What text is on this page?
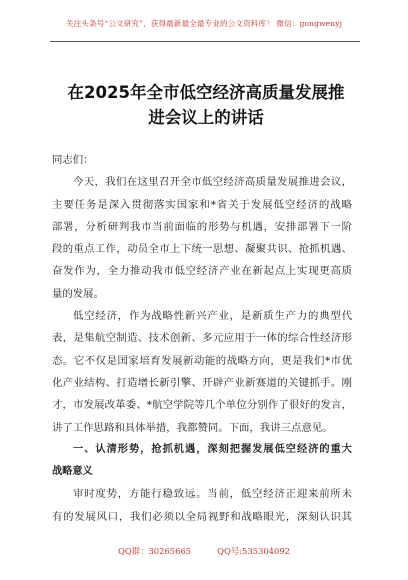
关注头条号“公文研究”，获得最新最全最专业的公文资料库！ 微信：gongwenyj
在2025年全市低空经济高质量发展推
进会议上的讲话
同志们：
今天，我们在这里召开全市低空经济高质量发展推进会议，
主要任务是深入贯彻落实国家和*省关于发展低空经济的战略
部署，分析研判我市当前面临的形势与机遇，安排部署下一阶
段的重点工作，动员全市上下统一思想、凝聚共识、抢抓机遇、
奋发作为，全力推动我市低空经济产业在新起点上实现更高质
量的发展。
低空经济，作为战略性新兴产业，是新质生产力的典型代
表，是集航空制造、技术创新、多元应用于一体的综合性经济形
态。它不仅是国家培育发展新动能的战略方向，更是我们*市优
化产业结构、打造增长新引擎、开辟产业新赛道的关键抓手。刚
才，市发展改革委、*航空学院等几个单位分别作了很好的发言，
讲了工作思路和具体举措，我都赞同。下面，我讲三点意见。
一、认清形势，抢抓机遇，深刻把握发展低空经济的重大
战略意义
审时度势，方能行稳致远。当前，低空经济正迎来前所未
有的发展风口，我们必须以全局视野和战略眼光，深刻认识其
QQ群：30265665	QQ号:535304092
